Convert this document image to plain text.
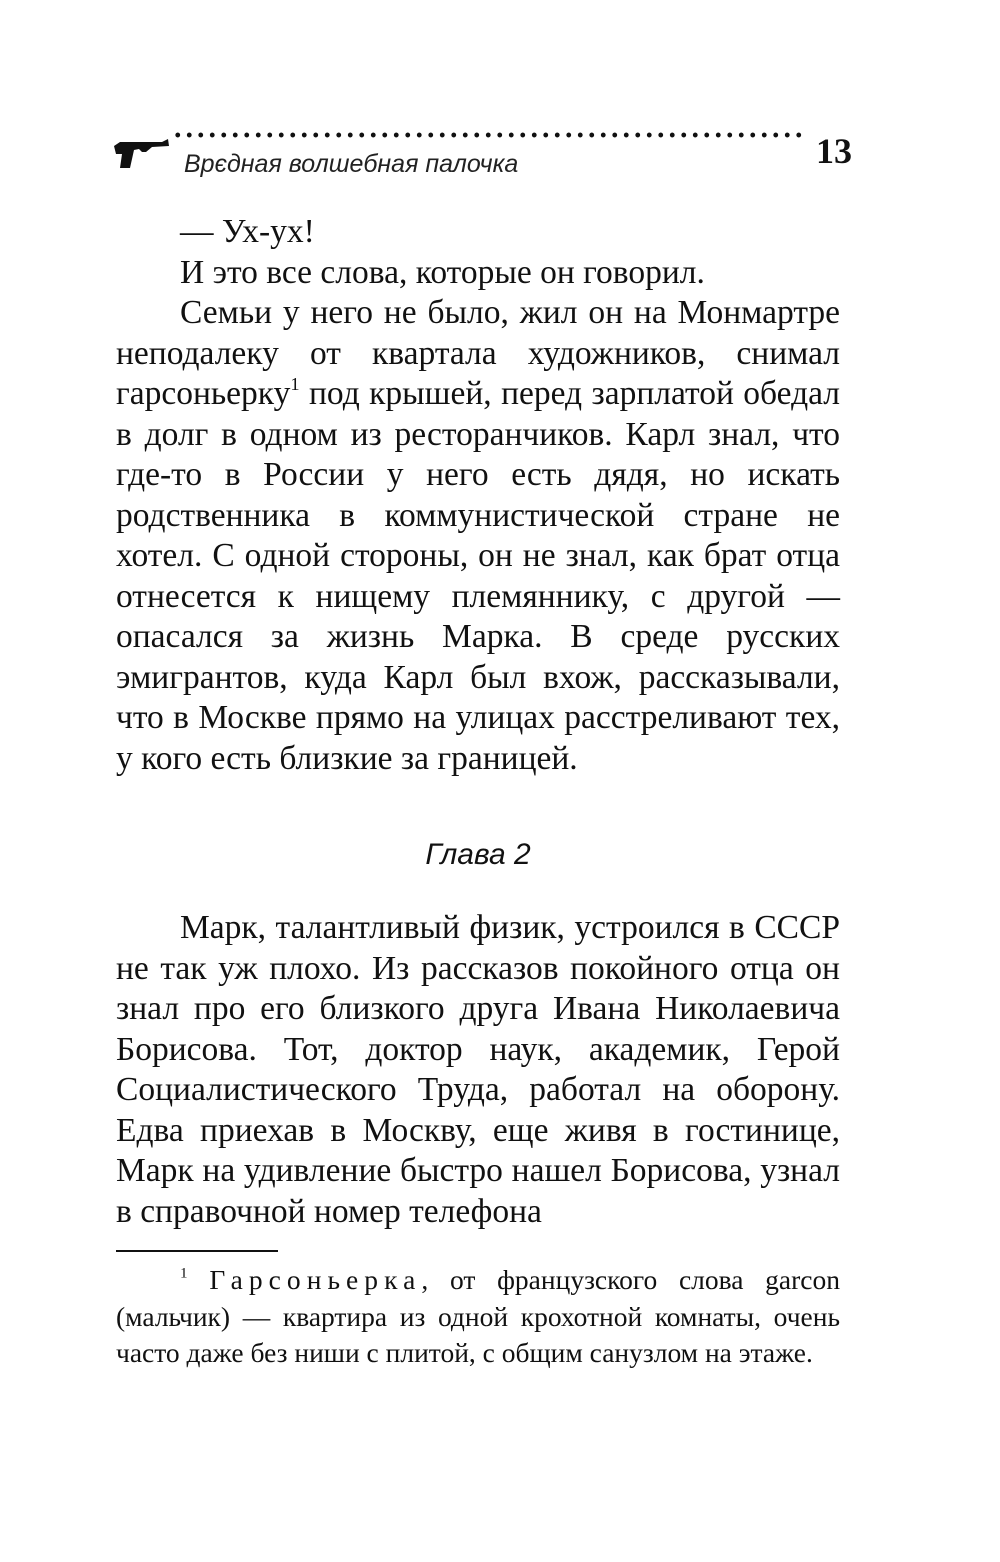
Врєдная волшебная палочка	13

— Ух-ух!

И это все слова, которые он говорил.

Семьи у него не было, жил он на Монмартре неподалеку от квартала художников, снимал гарсоньерку$^1$ под крышей, перед зарплатой обедал в долг в одном из ресторанчиков. Карл знал, что где-то в России у него есть дядя, но искать родственника в коммунистической стране не хотел. С одной стороны, он не знал, как брат отца отнесется к нищему племяннику, с другой — опасался за жизнь Марка. В среде русских эмигрантов, куда Карл был вхож, рассказывали, что в Москве прямо на улицах расстреливают тех, у кого есть близкие за границей.

Глава 2

Марк, талантливый физик, устроился в СССР не так уж плохо. Из рассказов покойного отца он знал про его близкого друга Ивана Николаевича Борисова. Тот, доктор наук, академик, Герой Социалистического Труда, работал на оборону. Едва приехав в Москву, еще живя в гостинице, Марк на удивление быстро нашел Борисова, узнал в справочной номер телефона

$^1$ Гарсоньерка, от французского слова garcon (мальчик) — квартира из одной крохотной комнаты, очень часто даже без ниши с плитой, с общим санузлом на этаже.
